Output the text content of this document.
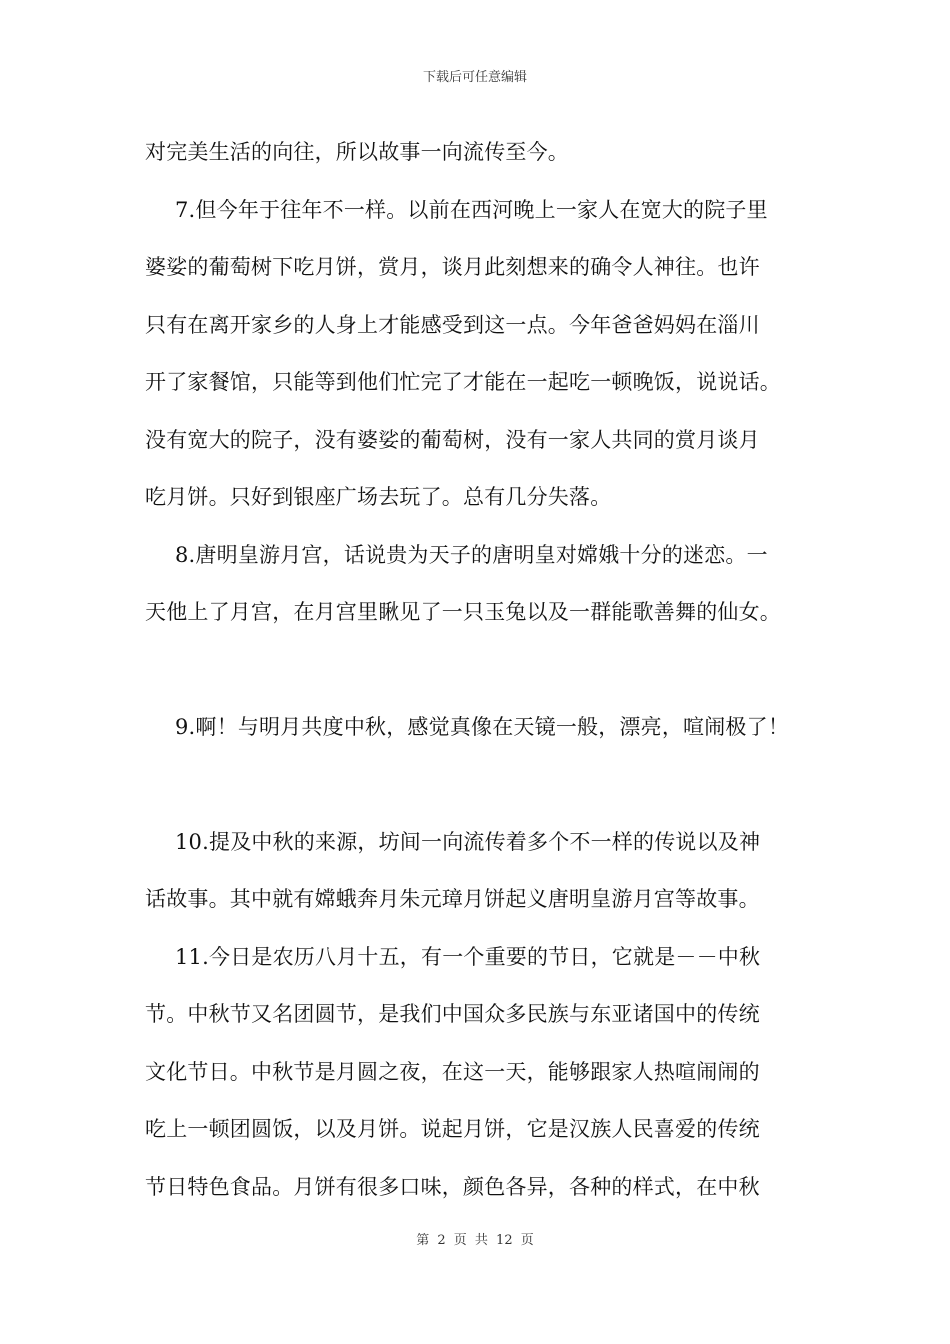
下载后可任意编辑
对完美生活的向往，所以故事一向流传至今。
7.但今年于往年不一样。以前在西河晚上一家人在宽大的院子里
婆娑的葡萄树下吃月饼，赏月，谈月此刻想来的确令人神往。也许
只有在离开家乡的人身上才能感受到这一点。今年爸爸妈妈在淄川
开了家餐馆，只能等到他们忙完了才能在一起吃一顿晚饭，说说话。
没有宽大的院子，没有婆娑的葡萄树，没有一家人共同的赏月谈月
吃月饼。只好到银座广场去玩了。总有几分失落。
8.唐明皇游月宫，话说贵为天子的唐明皇对嫦娥十分的迷恋。一
天他上了月宫，在月宫里瞅见了一只玉兔以及一群能歌善舞的仙女。
9.啊！与明月共度中秋，感觉真像在天镜一般，漂亮，喧闹极了！
10.提及中秋的来源，坊间一向流传着多个不一样的传说以及神
话故事。其中就有嫦蛾奔月朱元璋月饼起义唐明皇游月宫等故事。
11.今日是农历八月十五，有一个重要的节日，它就是－－中秋
节。中秋节又名团圆节，是我们中国众多民族与东亚诸国中的传统
文化节日。中秋节是月圆之夜，在这一天，能够跟家人热喧闹闹的
吃上一顿团圆饭，以及月饼。说起月饼，它是汉族人民喜爱的传统
节日特色食品。月饼有很多口味，颜色各异，各种的样式，在中秋
第 2 页 共 12 页
